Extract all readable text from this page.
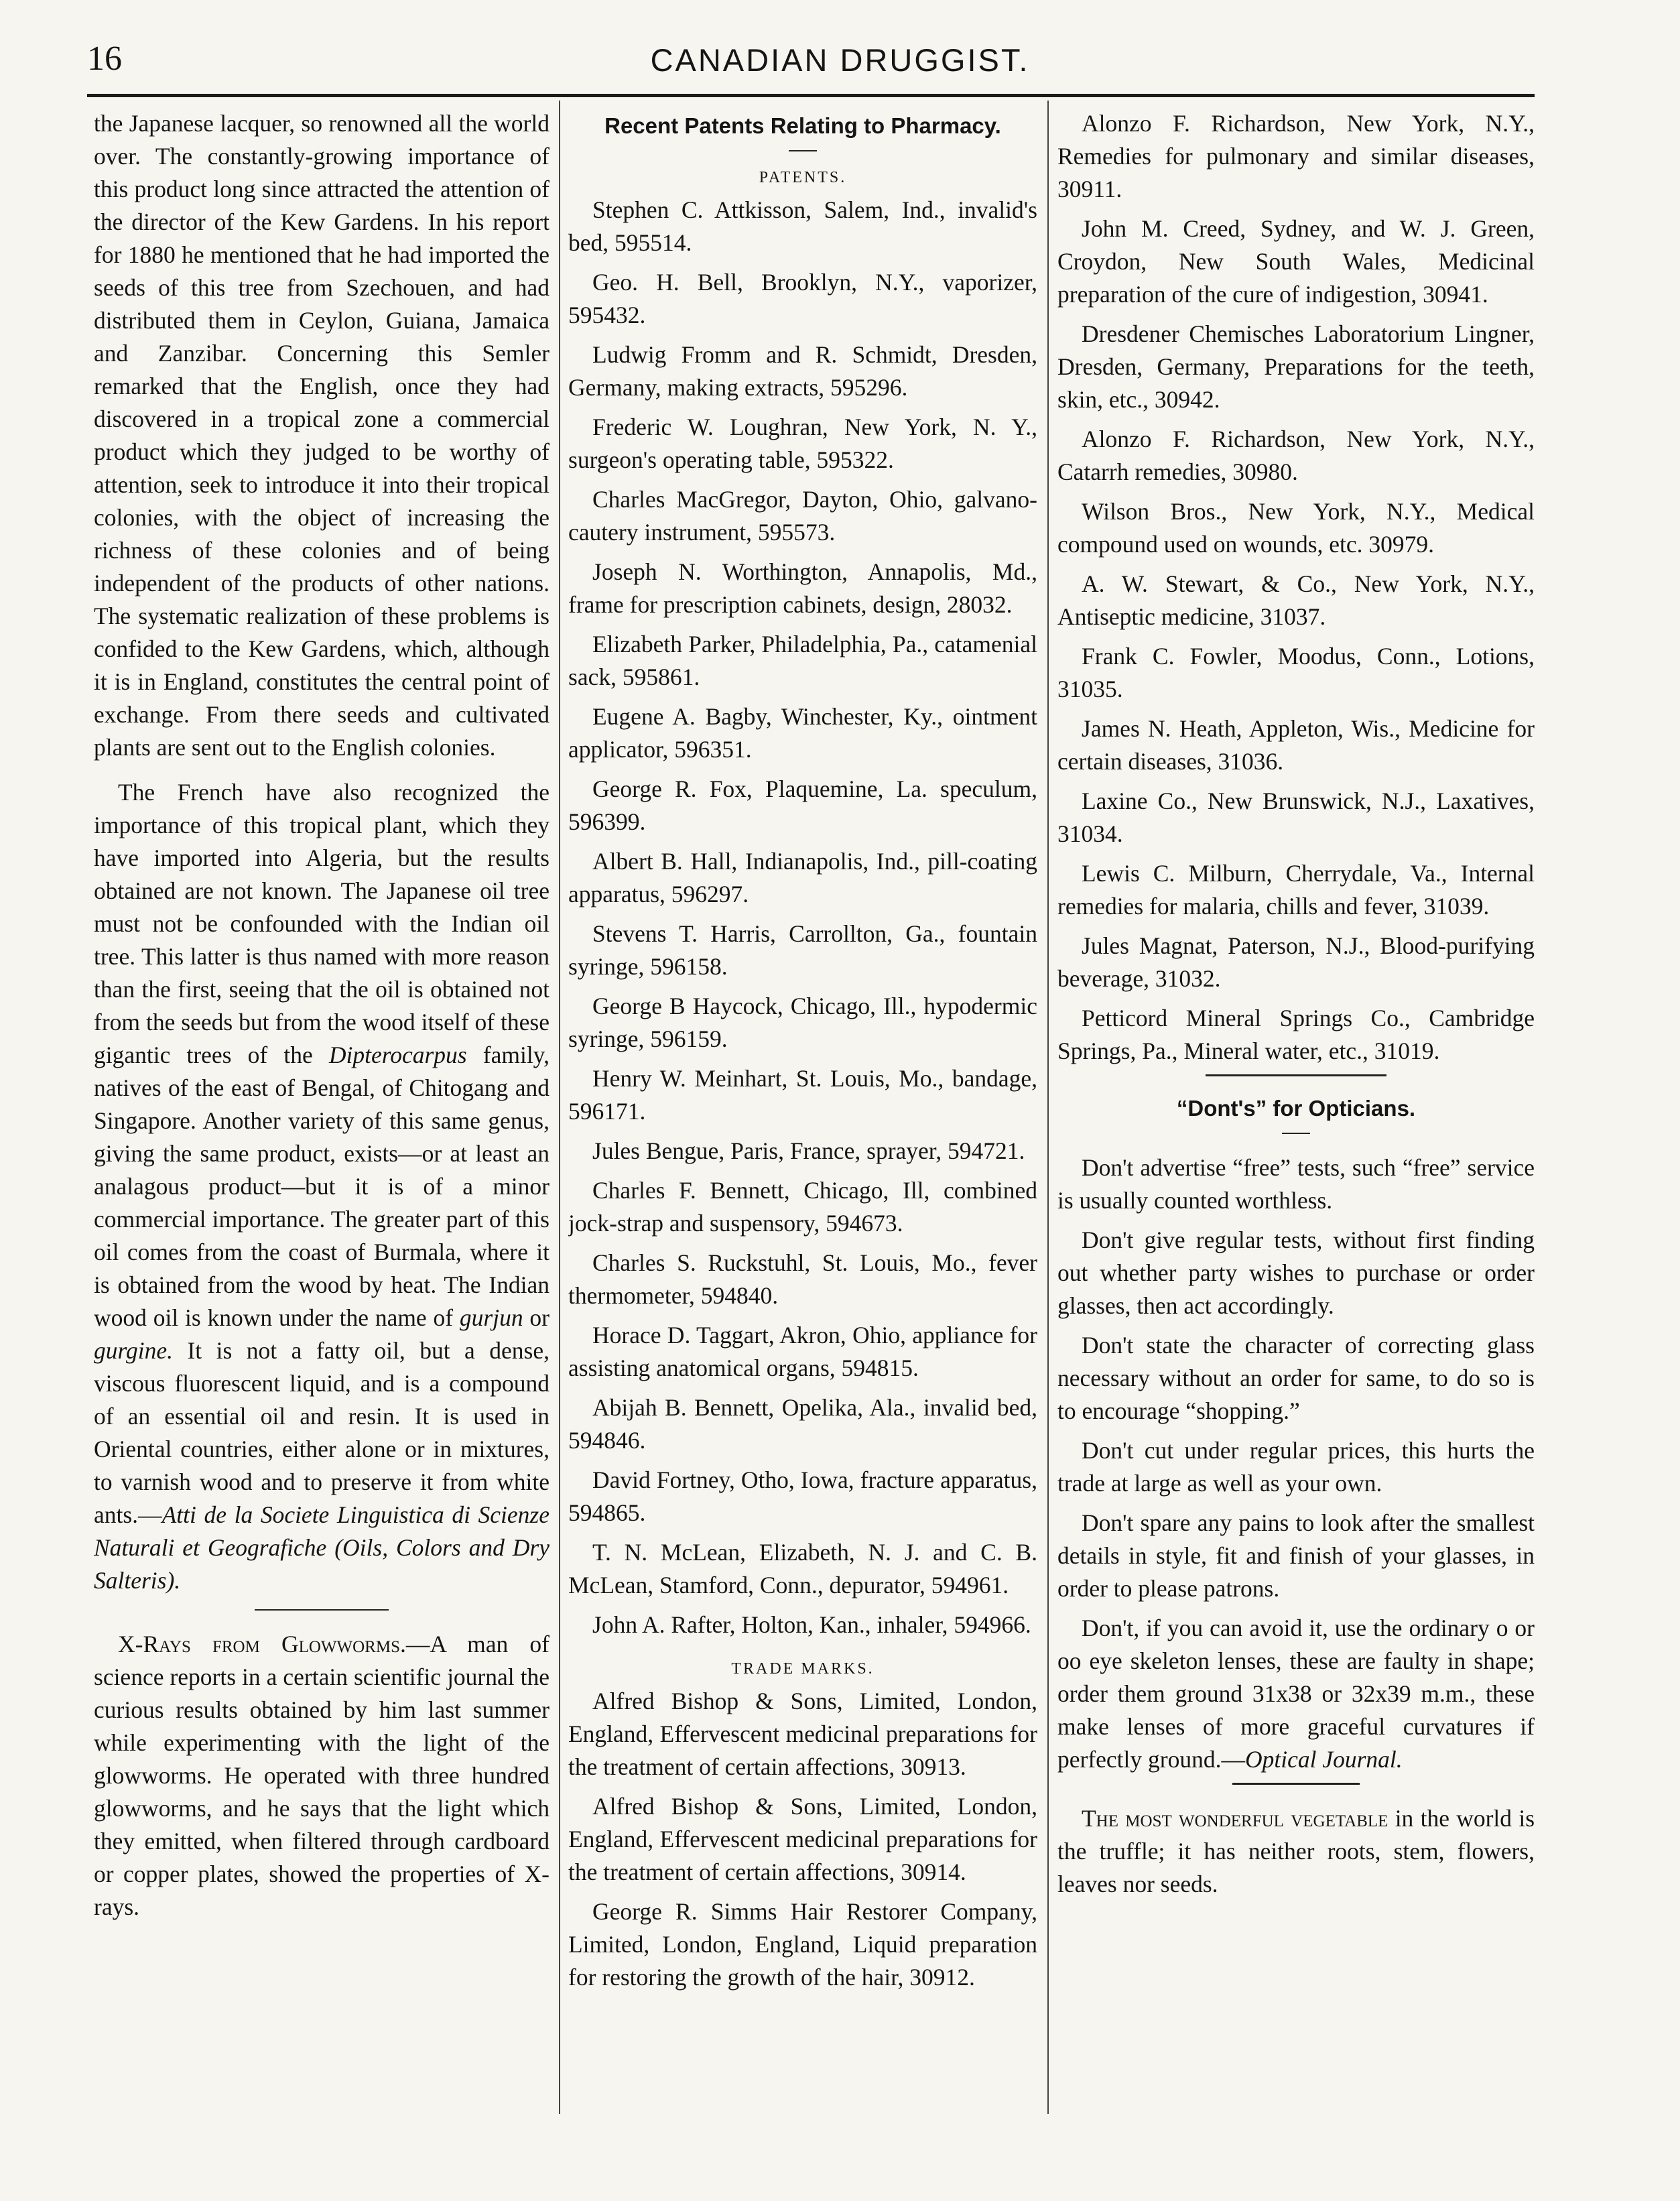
16	CANADIAN DRUGGIST.

the Japanese lacquer, so renowned all the world over. The constantly-growing importance of this product long since attracted the attention of the director of the Kew Gardens. In his report for 1880 he mentioned that he had imported the seeds of this tree from Szechouen, and had distributed them in Ceylon, Guiana, Jamaica and Zanzibar. Concerning this Semler remarked that the English, once they had discovered in a tropical zone a commercial product which they judged to be worthy of attention, seek to introduce it into their tropical colonies, with the object of increasing the richness of these colonies and of being independent of the products of other nations. The systematic realization of these problems is confided to the Kew Gardens, which, although it is in England, constitutes the central point of exchange. From there seeds and cultivated plants are sent out to the English colonies.

The French have also recognized the importance of this tropical plant, which they have imported into Algeria, but the results obtained are not known. The Japanese oil tree must not be confounded with the Indian oil tree. This latter is thus named with more reason than the first, seeing that the oil is obtained not from the seeds but from the wood itself of these gigantic trees of the Dipterocarpus family, natives of the east of Bengal, of Chitogang and Singapore. Another variety of this same genus, giving the same product, exists—or at least an analagous product—but it is of a minor commercial importance. The greater part of this oil comes from the coast of Burmala, where it is obtained from the wood by heat. The Indian wood oil is known under the name of gurjun or gurgine. It is not a fatty oil, but a dense, viscous fluorescent liquid, and is a compound of an essential oil and resin. It is used in Oriental countries, either alone or in mixtures, to varnish wood and to preserve it from white ants.—Atti de la Societe Linguistica di Scienze Naturali et Geografiche (Oils, Colors and Dry Salteris).

X-Rays from Glowworms.—A man of science reports in a certain scientific journal the curious results obtained by him last summer while experimenting with the light of the glowworms. He operated with three hundred glowworms, and he says that the light which they emitted, when filtered through cardboard or copper plates, showed the properties of X-rays.

Recent Patents Relating to Pharmacy.
PATENTS.

Stephen C. Attkisson, Salem, Ind., invalid's bed, 595514.

Geo. H. Bell, Brooklyn, N.Y., vaporizer, 595432.

Ludwig Fromm and R. Schmidt, Dresden, Germany, making extracts, 595296.

Frederic W. Loughran, New York, N. Y., surgeon's operating table, 595322.

Charles MacGregor, Dayton, Ohio, galvano-cautery instrument, 595573.

Joseph N. Worthington, Annapolis, Md., frame for prescription cabinets, design, 28032.

Elizabeth Parker, Philadelphia, Pa., catamenial sack, 595861.

Eugene A. Bagby, Winchester, Ky., ointment applicator, 596351.

George R. Fox, Plaquemine, La. speculum, 596399.

Albert B. Hall, Indianapolis, Ind., pill-coating apparatus, 596297.

Stevens T. Harris, Carrollton, Ga., fountain syringe, 596158.

George B Haycock, Chicago, Ill., hypodermic syringe, 596159.

Henry W. Meinhart, St. Louis, Mo., bandage, 596171.

Jules Bengue, Paris, France, sprayer, 594721.

Charles F. Bennett, Chicago, Ill, combined jock-strap and suspensory, 594673.

Charles S. Ruckstuhl, St. Louis, Mo., fever thermometer, 594840.

Horace D. Taggart, Akron, Ohio, appliance for assisting anatomical organs, 594815.

Abijah B. Bennett, Opelika, Ala., invalid bed, 594846.

David Fortney, Otho, Iowa, fracture apparatus, 594865.

T. N. McLean, Elizabeth, N. J. and C. B. McLean, Stamford, Conn., depurator, 594961.

John A. Rafter, Holton, Kan., inhaler, 594966.

TRADE MARKS.

Alfred Bishop & Sons, Limited, London, England, Effervescent medicinal preparations for the treatment of certain affections, 30913.

Alfred Bishop & Sons, Limited, London, England, Effervescent medicinal preparations for the treatment of certain affections, 30914.

George R. Simms Hair Restorer Company, Limited, London, England, Liquid preparation for restoring the growth of the hair, 30912.

Alonzo F. Richardson, New York, N.Y., Remedies for pulmonary and similar diseases, 30911.

John M. Creed, Sydney, and W. J. Green, Croydon, New South Wales, Medicinal preparation of the cure of indigestion, 30941.

Dresdener Chemisches Laboratorium Lingner, Dresden, Germany, Preparations for the teeth, skin, etc., 30942.

Alonzo F. Richardson, New York, N.Y., Catarrh remedies, 30980.

Wilson Bros., New York, N.Y., Medical compound used on wounds, etc. 30979.

A. W. Stewart, & Co., New York, N.Y., Antiseptic medicine, 31037.

Frank C. Fowler, Moodus, Conn., Lotions, 31035.

James N. Heath, Appleton, Wis., Medicine for certain diseases, 31036.

Laxine Co., New Brunswick, N.J., Laxatives, 31034.

Lewis C. Milburn, Cherrydale, Va., Internal remedies for malaria, chills and fever, 31039.

Jules Magnat, Paterson, N.J., Blood-purifying beverage, 31032.

Petticord Mineral Springs Co., Cambridge Springs, Pa., Mineral water, etc., 31019.

“Dont's” for Opticians.

Don't advertise “free” tests, such “free” service is usually counted worthless.

Don't give regular tests, without first finding out whether party wishes to purchase or order glasses, then act accordingly.

Don't state the character of correcting glass necessary without an order for same, to do so is to encourage “shopping.”

Don't cut under regular prices, this hurts the trade at large as well as your own.

Don't spare any pains to look after the smallest details in style, fit and finish of your glasses, in order to please patrons.

Don't, if you can avoid it, use the ordinary o or oo eye skeleton lenses, these are faulty in shape; order them ground 31x38 or 32x39 m.m., these make lenses of more graceful curvatures if perfectly ground.—Optical Journal.

The most wonderful vegetable in the world is the truffle; it has neither roots, stem, flowers, leaves nor seeds.
